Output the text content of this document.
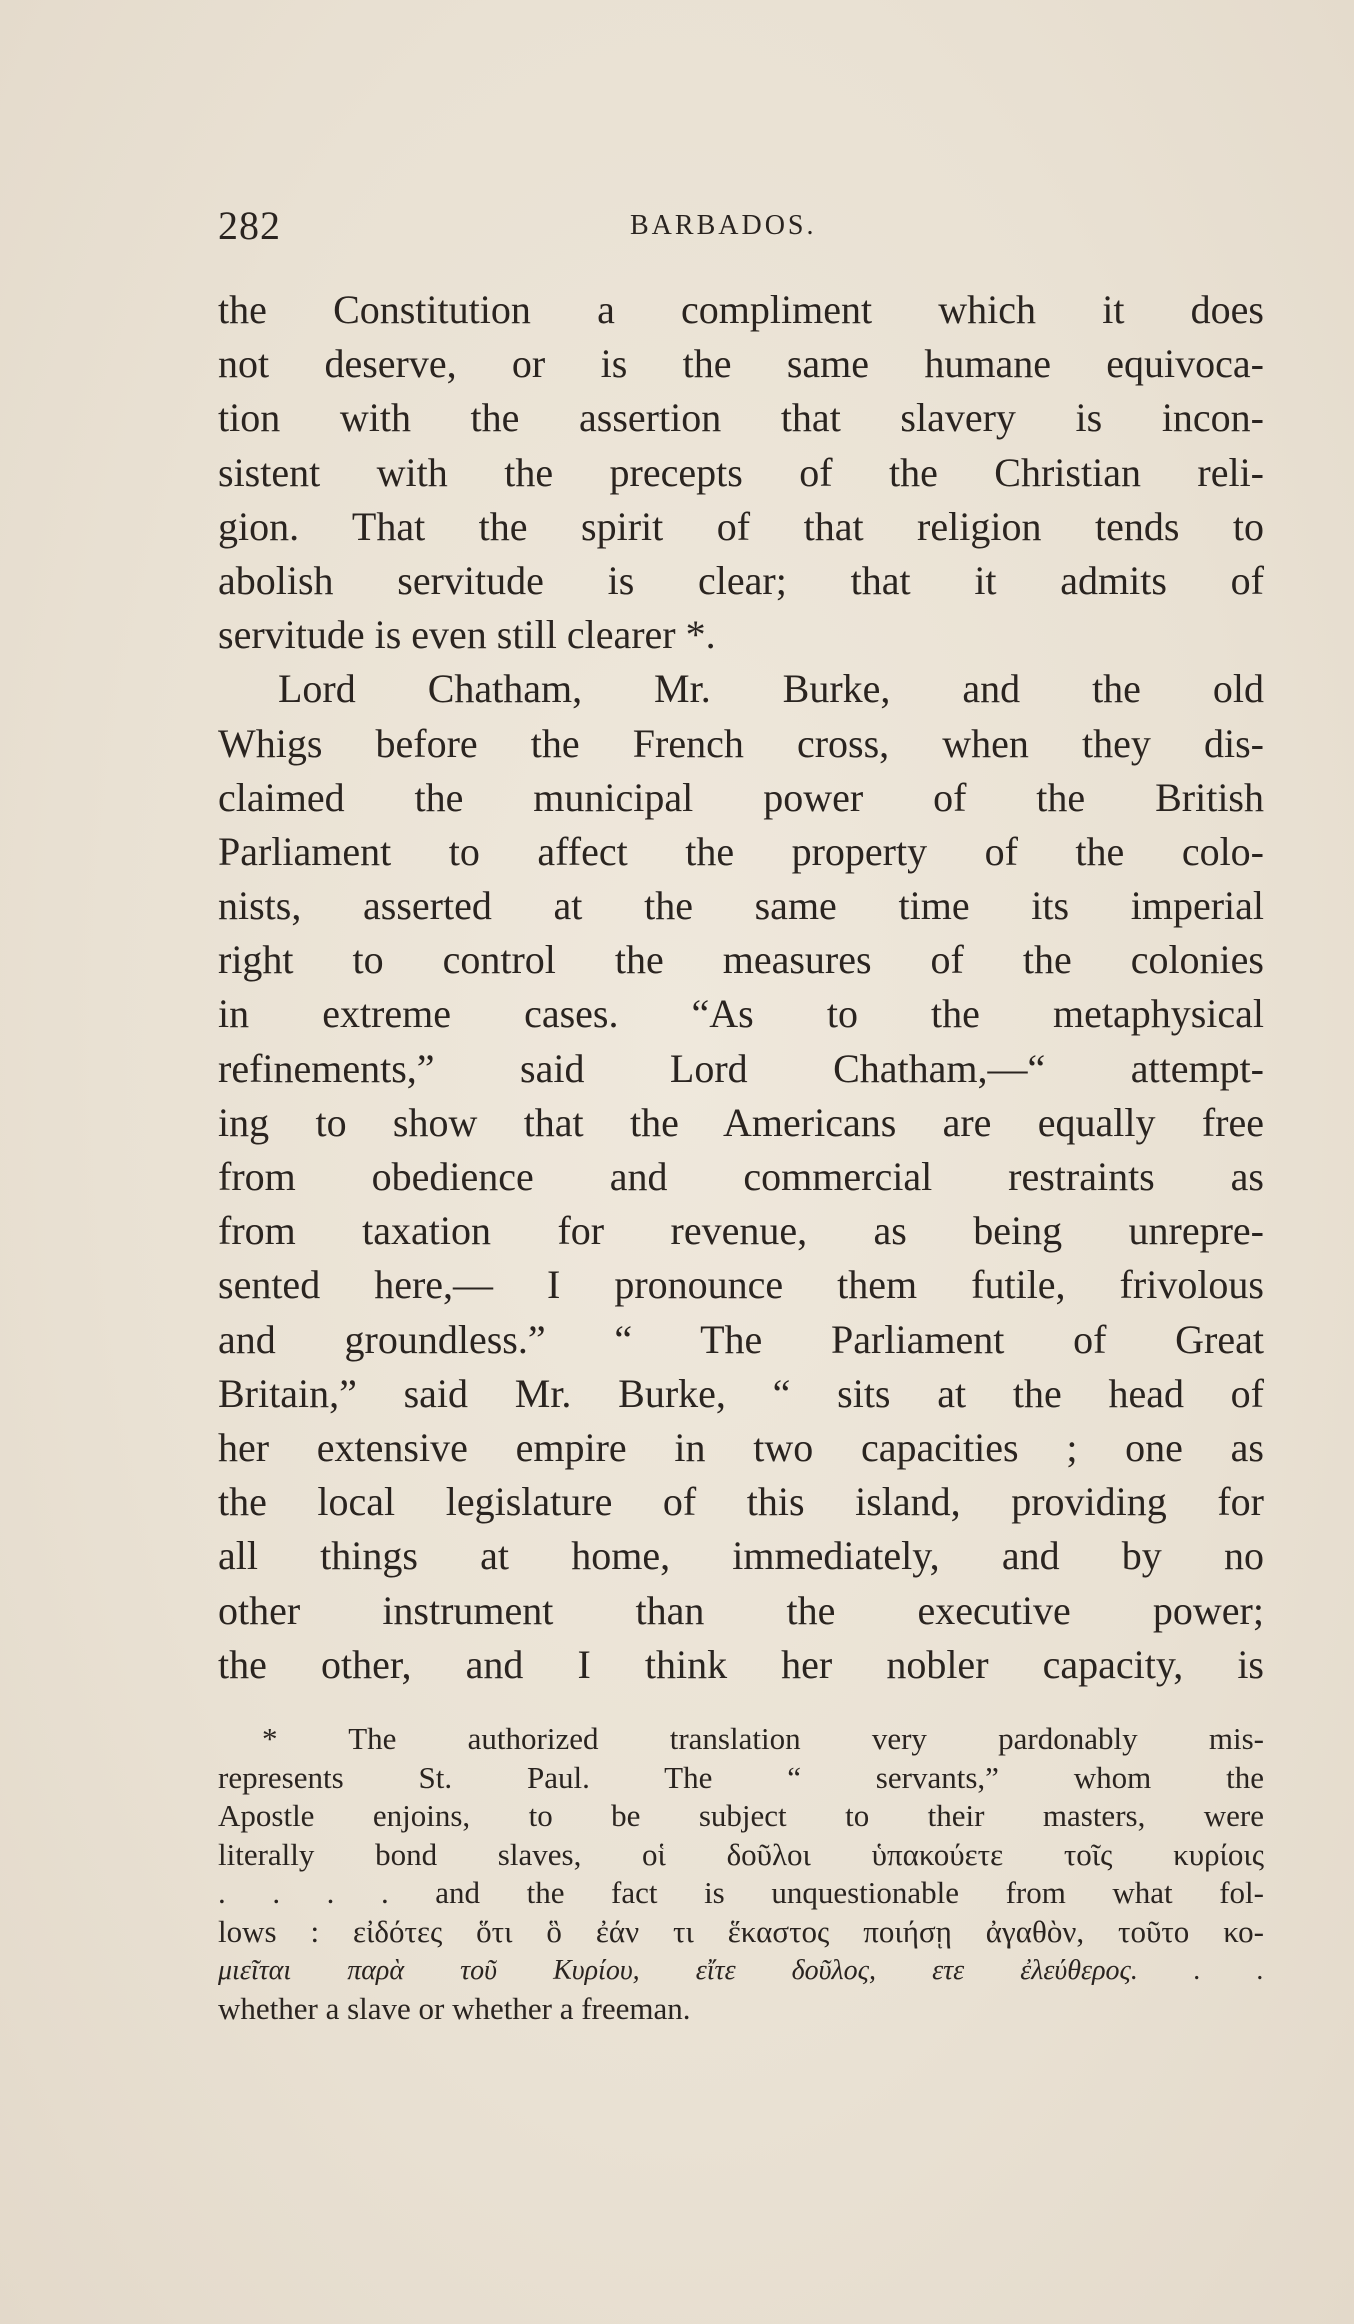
282	BARBADOS.
the Constitution a compliment which it does
not deserve, or is the same humane equivoca-
tion with the assertion that slavery is incon-
sistent with the precepts of the Christian reli-
gion. That the spirit of that religion tends to
abolish servitude is clear; that it admits of
servitude is even still clearer *.
Lord Chatham, Mr. Burke, and the old
Whigs before the French cross, when they dis-
claimed the municipal power of the British
Parliament to affect the property of the colo-
nists, asserted at the same time its imperial
right to control the measures of the colonies
in extreme cases. “As to the metaphysical
refinements,” said Lord Chatham,—“ attempt-
ing to show that the Americans are equally free
from obedience and commercial restraints as
from taxation for revenue, as being unrepre-
sented here,— I pronounce them futile, frivolous
and groundless.” “ The Parliament of Great
Britain,” said Mr. Burke, “ sits at the head of
her extensive empire in two capacities ; one as
the local legislature of this island, providing for
all things at home, immediately, and by no
other instrument than the executive power;
the other, and I think her nobler capacity, is
* The authorized translation very pardonably mis-
represents St. Paul. The “ servants,” whom the
Apostle enjoins, to be subject to their masters, were
literally bond slaves, οἱ δοῦλοι ὑπακούετε τοῖς κυρίοις
. . . . and the fact is unquestionable from what fol-
lows : εἰδότες ὅτι ὃ ἐάν τι ἕκαστος ποιήσῃ ἀγαθὸν, τοῦτο κο-
μιεῖται παρὰ τοῦ Κυρίου, εἴτε δοῦλος, ετε ἐλεύθερος. . .
whether a slave or whether a freeman.
